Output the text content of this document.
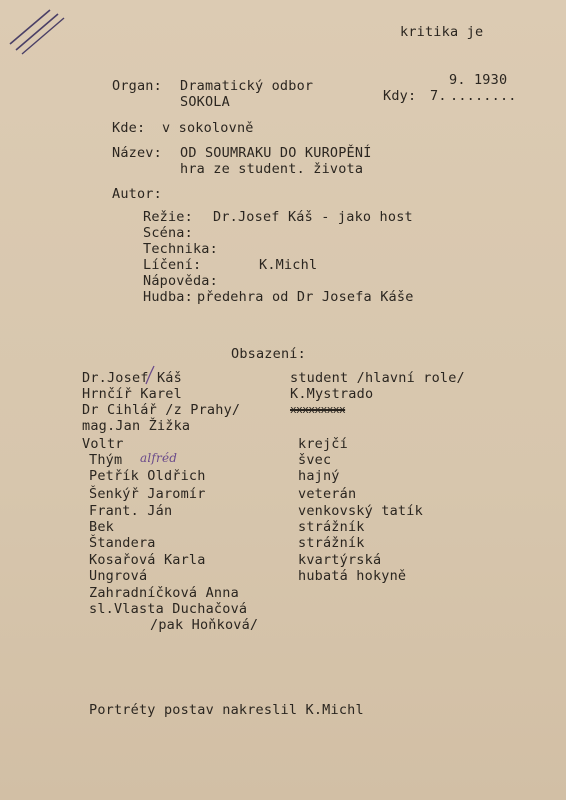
kritika je
Organ: Dramatický odbor
SOKOLA
9. 1930
Kdy: 7. ........
Kde: v sokolovně
Název: OD SOUMRAKU DO KUROPĚNÍ
hra ze student. života
Autor:
Režie: Dr.Josef Káš - jako host
Scéna:
Technika:
Líčení:	K.Michl
Nápověda:
Hudba: předehra od Dr Josefa Káše
Obsazení:
Dr.Josef Káš	student /hlavní role/
Hrnčíř Karel	K.Mystrado
Dr Cihlář /z Prahy/	xxxxxxxxx
mag.Jan Žižka
Voltr	krejčí
Thým alfréd	švec
Petřík Oldřich	hajný
Šenkýř Jaromír	veterán
Frant. Ján	venkovský tatík
Bek	strážník
Štandera	strážník
Kosařová Karla	kvartýrská
Ungrová	hubatá hokyně
Zahradníčková Anna
sl.Vlasta Duchačová
/pak Hoňková/
Portréty postav nakreslil K.Michl
